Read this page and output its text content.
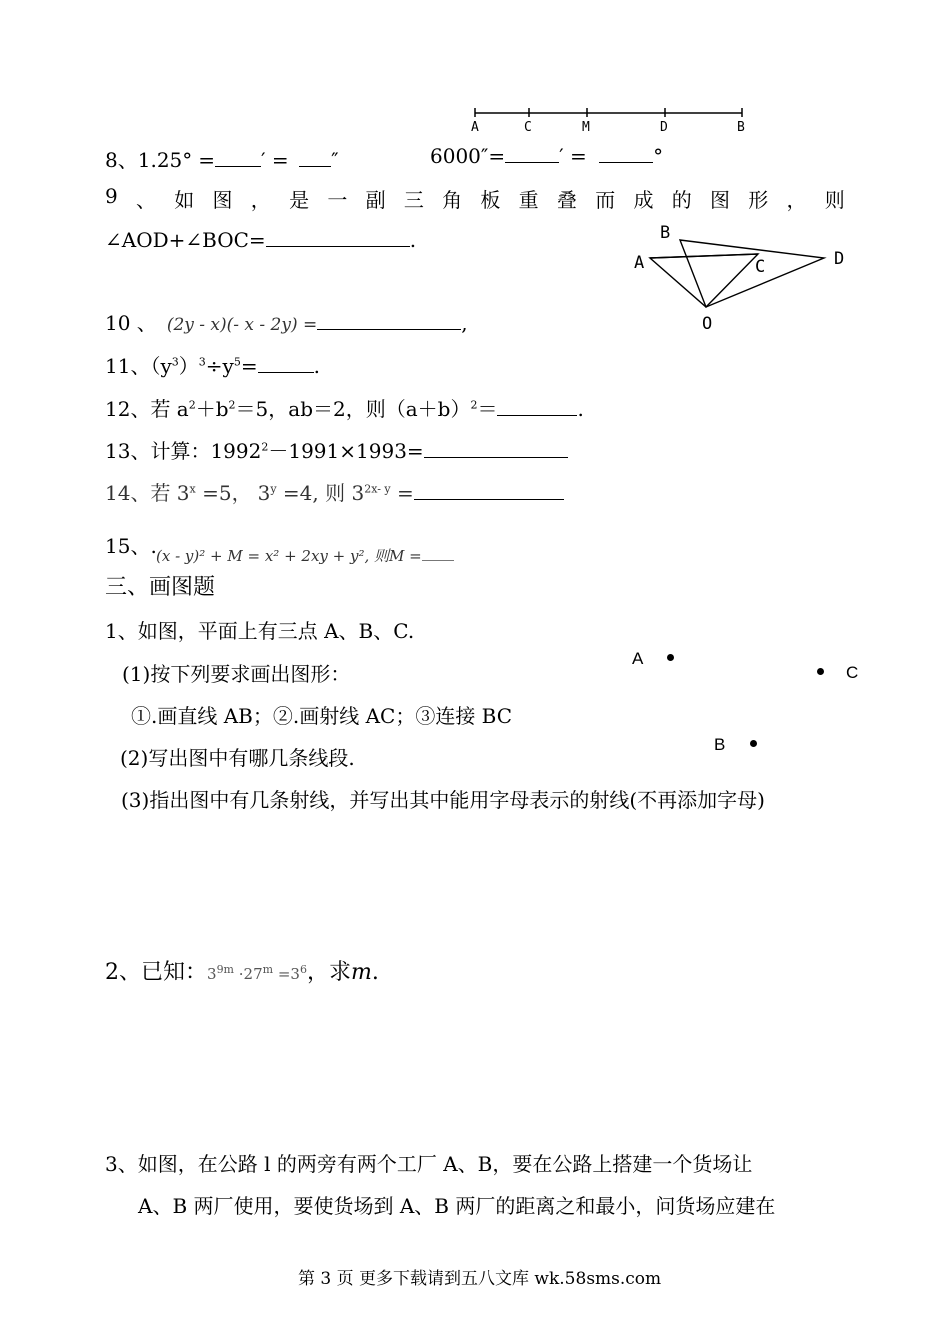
A	C	M	D	B
8、1.25° = ′ = ″	6000″=	′ =	°
9 、 如 图 ， 是 一 副 三 角 板 重 叠 而 成 的 图 形 ， 则
∠AOD+∠BOC=	.	B
A	C	D
O
10 、 (2y - x)(- x - 2y) =	,
11、$(y^3)^3\div y^5=$	.
12、若 $a^2+b^2=5$，ab＝2，则$(a+b)^2=$	.
13、计算：$1992^2-1991\times 1993=$
14、若 $3^x =5$， $3^y =4$, 则 $3^{2x- y}$ =
15、. (x - y)² + M = x² + 2xy + y², 则M =
三、画图题
1、如图，平面上有三点 A、B、C.
(1)按下列要求画出图形：
①.画直线 AB；②.画射线 AC；③连接 BC
(2)写出图中有哪几条线段.
(3)指出图中有几条射线，并写出其中能用字母表示的射线(不再添加字母)
A
C
B
2、已知：$3^{9m} \cdot 27^m =3^6$，求m.
3、如图，在公路 l 的两旁有两个工厂 A、B，要在公路上搭建一个货场让
A、B 两厂使用，要使货场到 A、B 两厂的距离之和最小，问货场应建在
第 3 页 更多下载请到五八文库 wk.58sms.com
